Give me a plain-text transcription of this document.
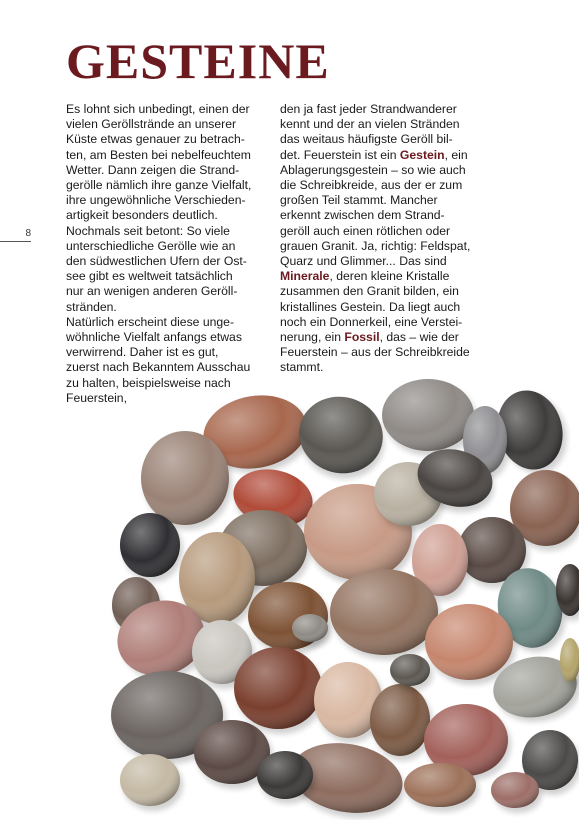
GESTEINE
8

Es lohnt sich unbedingt, einen der
vielen Geröllstrände an unserer
Küste etwas genauer zu betrach-
ten, am Besten bei nebelfeuchtem
Wetter. Dann zeigen die Strand-
gerölle nämlich ihre ganze Vielfalt,
ihre ungewöhnliche Verschieden-
artigkeit besonders deutlich.
Nochmals seit betont: So viele
unterschiedliche Gerölle wie an
den südwestlichen Ufern der Ost-
see gibt es weltweit tatsächlich
nur an wenigen anderen Geröll-
stränden.

Natürlich erscheint diese unge-
wöhnliche Vielfalt anfangs etwas
verwirrend. Daher ist es gut,
zuerst nach Bekanntem Ausschau
zu halten, beispielsweise nach
Feuerstein,

den ja fast jeder Strandwanderer
kennt und der an vielen Stränden
das weitaus häufigste Geröll bil-
det. Feuerstein ist ein Gestein, ein
Ablagerungsgestein – so wie auch
die Schreibkreide, aus der er zum
großen Teil stammt. Mancher
erkennt zwischen dem Strand-
geröll auch einen rötlichen oder
grauen Granit. Ja, richtig: Feldspat,
Quarz und Glimmer... Das sind
Minerale, deren kleine Kristalle
zusammen den Granit bilden, ein
kristallines Gestein. Da liegt auch
noch ein Donnerkeil, eine Verstei-
nerung, ein Fossil, das – wie der
Feuerstein – aus der Schreibkreide
stammt.
